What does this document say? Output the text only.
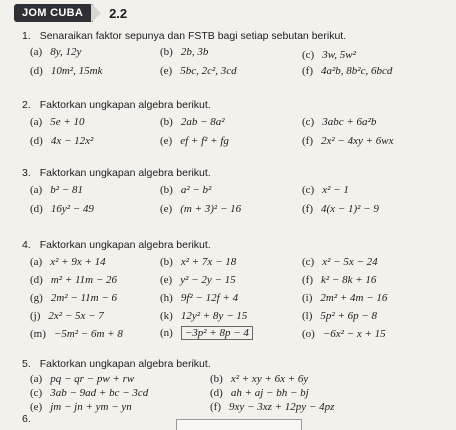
JOM CUBA	2.2
1. Senaraikan faktor sepunya dan FSTB bagi setiap sebutan berikut.
(a) 8y, 12y	(b) 2b, 3b	(c) 3w, 5w²
(d) 10m², 15mk	(e) 5bc, 2c², 3cd	(f) 4a²b, 8b²c, 6bcd
2. Faktorkan ungkapan algebra berikut.
(a) 5e + 10	(b) 2ab − 8a²	(c) 3abc + 6a²b
(d) 4x − 12x²	(e) ef + f² + fg	(f) 2x² − 4xy + 6wx
3. Faktorkan ungkapan algebra berikut.
(a) b² − 81	(b) a² − b²	(c) x² − 1
(d) 16y² − 49	(e) (m + 3)² − 16	(f) 4(x − 1)² − 9
4. Faktorkan ungkapan algebra berikut.
(a) x² + 9x + 14	(b) x² + 7x − 18	(c) x² − 5x − 24
(d) m² + 11m − 26	(e) y² − 2y − 15	(f) k² − 8k + 16
(g) 2m² − 11m − 6	(h) 9f² − 12f + 4	(i) 2m² + 4m − 16
(j) 2x² − 5x − 7	(k) 12y² + 8y − 15	(l) 5p² + 6p − 8
(m) −5m² − 6m + 8	(n) −3p² + 8p − 4	(o) −6x² − x + 15
5. Faktorkan ungkapan algebra berikut.
(a) pq − qr − pw + rw	(b) x² + xy + 6x + 6y
(c) 3ab − 9ad + bc − 3cd	(d) ah + aj − bh − bj
(e) jm − jn + ym − yn	(f) 9xy − 3xz + 12py − 4pz
6.
